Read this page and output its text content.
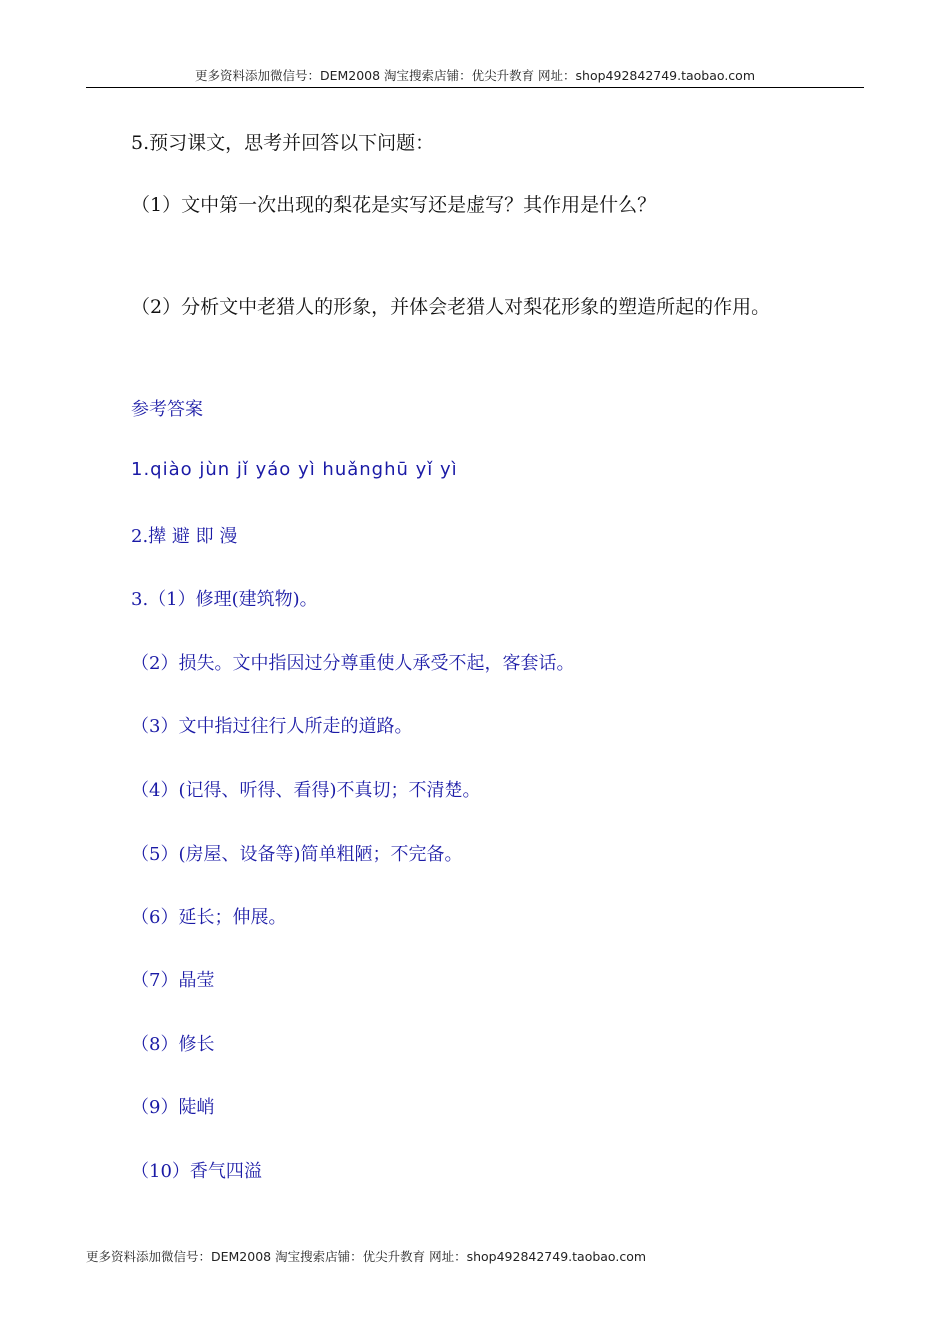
更多资料添加微信号：DEM2008 淘宝搜索店铺：优尖升教育 网址：shop492842749.taobao.com
5.预习课文，思考并回答以下问题：
（1）文中第一次出现的梨花是实写还是虚写？其作用是什么？
（2）分析文中老猎人的形象，并体会老猎人对梨花形象的塑造所起的作用。
参考答案
1.qiào jùn jǐ yáo yì huǎnghū yǐ yì
2.撵 避 即 漫
3.（1）修理(建筑物)。
（2）损失。文中指因过分尊重使人承受不起，客套话。
（3）文中指过往行人所走的道路。
（4）(记得、听得、看得)不真切；不清楚。
（5）(房屋、设备等)简单粗陋；不完备。
（6）延长；伸展。
（7）晶莹
（8）修长
（9）陡峭
（10）香气四溢
更多资料添加微信号：DEM2008 淘宝搜索店铺：优尖升教育 网址：shop492842749.taobao.com
